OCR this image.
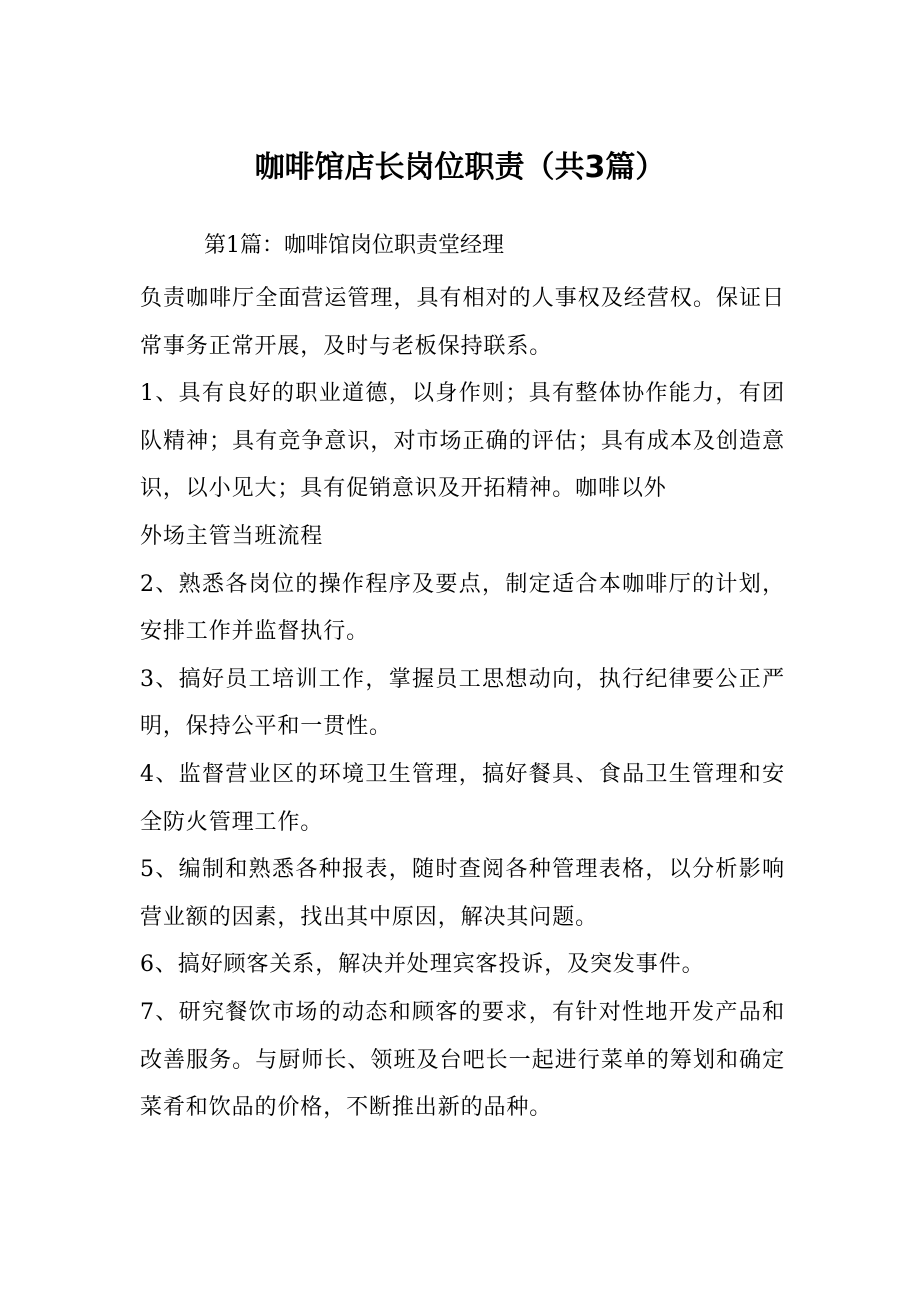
咖啡馆店长岗位职责（共3篇）

第1篇：咖啡馆岗位职责堂经理

负责咖啡厅全面营运管理，具有相对的人事权及经营权。保证日常事务正常开展，及时与老板保持联系。

1、具有良好的职业道德，以身作则；具有整体协作能力，有团队精神；具有竞争意识，对市场正确的评估；具有成本及创造意识，以小见大；具有促销意识及开拓精神。咖啡以外

外场主管当班流程

2、熟悉各岗位的操作程序及要点，制定适合本咖啡厅的计划，安排工作并监督执行。

3、搞好员工培训工作，掌握员工思想动向，执行纪律要公正严明，保持公平和一贯性。

4、监督营业区的环境卫生管理，搞好餐具、食品卫生管理和安全防火管理工作。

5、编制和熟悉各种报表，随时查阅各种管理表格，以分析影响营业额的因素，找出其中原因，解决其问题。

6、搞好顾客关系，解决并处理宾客投诉，及突发事件。

7、研究餐饮市场的动态和顾客的要求，有针对性地开发产品和改善服务。与厨师长、领班及台吧长一起进行菜单的筹划和确定菜肴和饮品的价格，不断推出新的品种。
